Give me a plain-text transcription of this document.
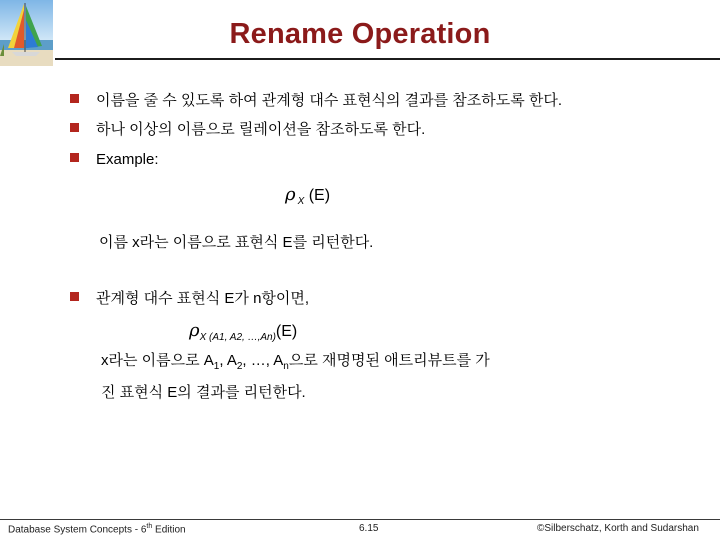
Rename Operation
이름을 줄 수 있도록 하여 관계형 대수 표현식의 결과를 참조하도록 한다.
하나 이상의 이름으로 릴레이션을 참조하도록 한다.
Example:
ρ $_X$ (E)
이름 x라는 이름으로 표현식 E를 리턴한다.
관계형 대수 표현식 E가 n항이면,
$\rho_{X (A1, A2, \dots,An)}(E)$
x라는 이름으로 $A_1$, $A_2$, …, $A_n$으로 재명명된 애트리뷰트를 가
진 표현식 E의 결과를 리턴한다.
Database System Concepts - 6th Edition	6.15	©Silberschatz, Korth and Sudarshan
